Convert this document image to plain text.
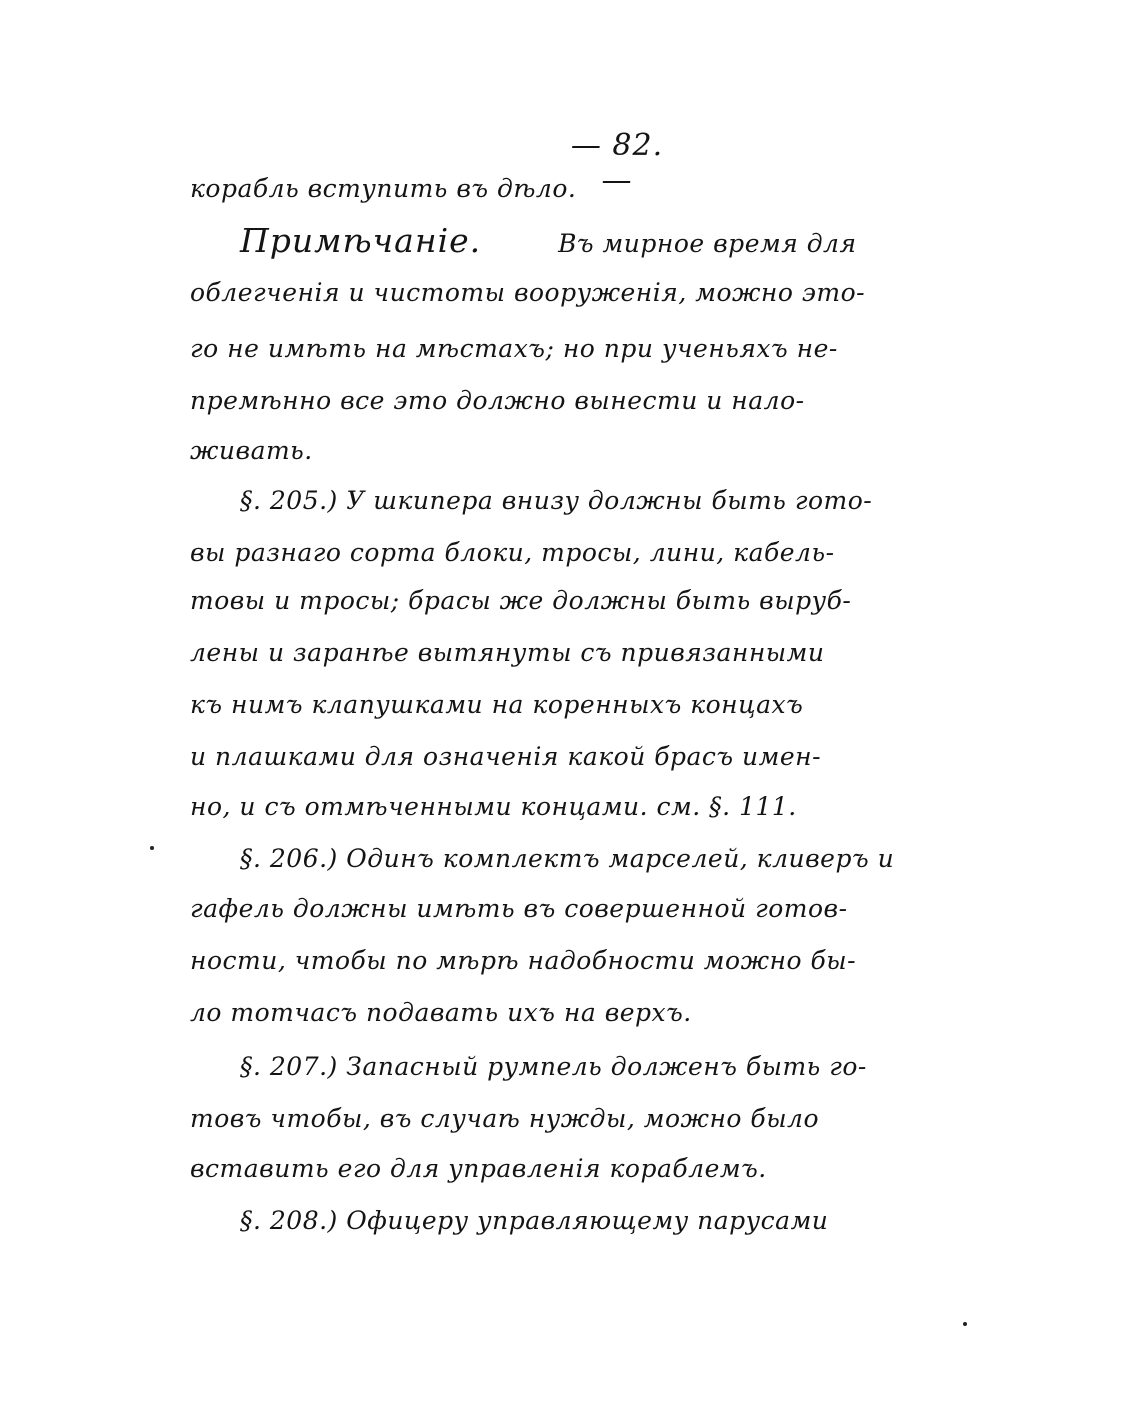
— 82. —
корабль вступить въ дѣло.
Примѣчаніе.	Въ мирное время для
облегченія и чистоты вооруженія, можно это-
го не имѣть на мѣстахъ; но при ученьяхъ не-
премѣнно все это должно вынести и нало-
живать.
§. 205.) У шкипера внизу должны быть гото-
вы разнаго сорта блоки, тросы, лини, кабель-
товы и тросы; брасы же должны быть выруб-
лены и заранѣе вытянуты съ привязанными
къ нимъ клапушками на коренныхъ концахъ
и плашками для означенія какой брасъ имен-
но, и съ отмѣченными концами. см. §. 111.
§. 206.) Одинъ комплектъ марселей, кливеръ и
гафель должны имѣть въ совершенной готов-
ности, чтобы по мѣрѣ надобности можно бы-
ло тотчасъ подавать ихъ на верхъ.
§. 207.) Запасный румпель долженъ быть го-
товъ чтобы, въ случаѣ нужды, можно было
вставить его для управленія кораблемъ.
§. 208.) Офицеру управляющему парусами
